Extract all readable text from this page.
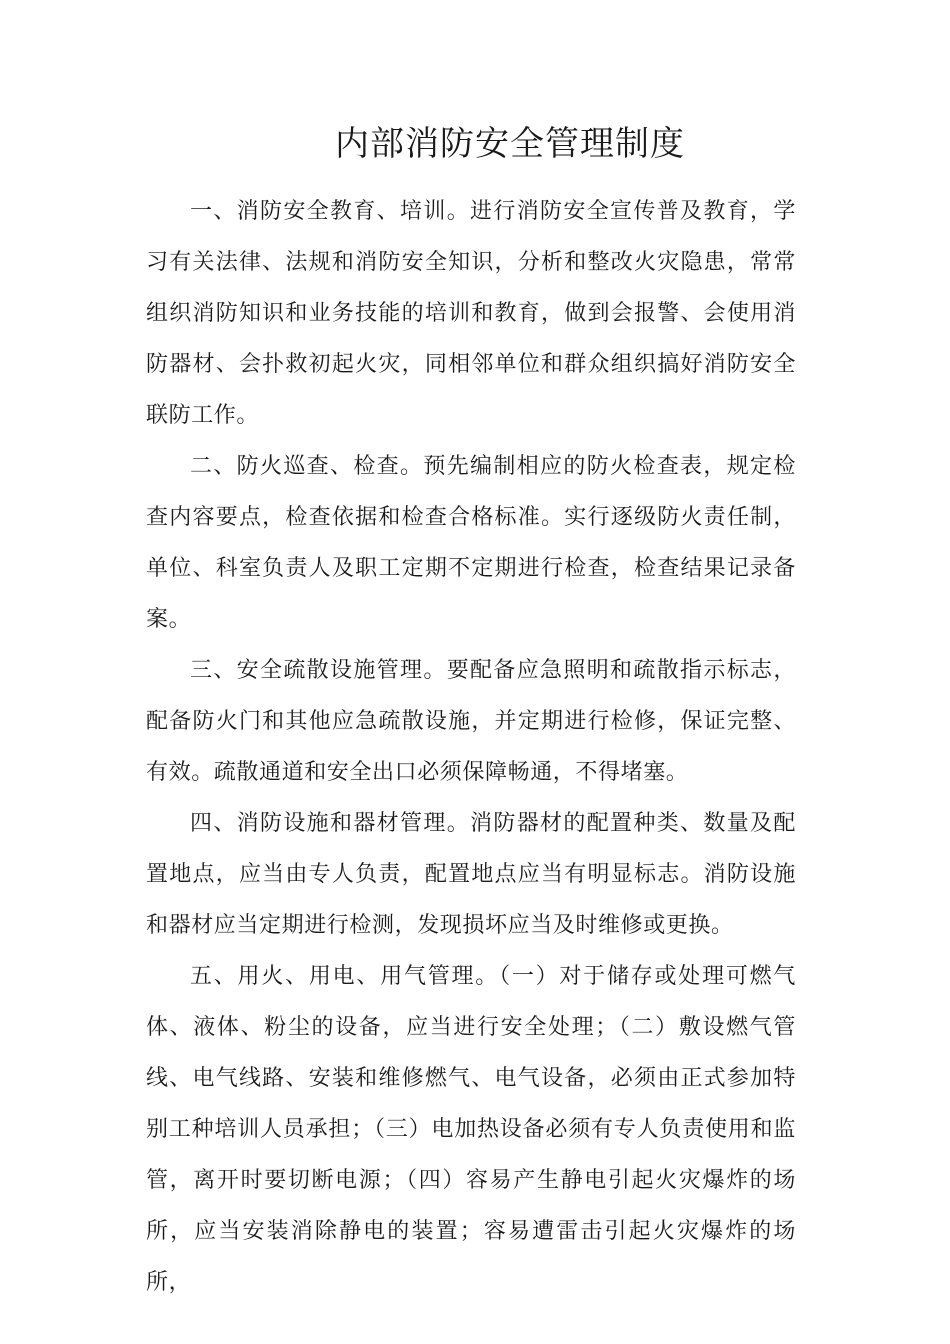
内部消防安全管理制度

一、消防安全教育、培训。进行消防安全宣传普及教育，学习有关法律、法规和消防安全知识，分析和整改火灾隐患，常常组织消防知识和业务技能的培训和教育，做到会报警、会使用消防器材、会扑救初起火灾，同相邻单位和群众组织搞好消防安全联防工作。

二、防火巡查、检查。预先编制相应的防火检查表，规定检查内容要点，检查依据和检查合格标准。实行逐级防火责任制，单位、科室负责人及职工定期不定期进行检查，检查结果记录备案。

三、安全疏散设施管理。要配备应急照明和疏散指示标志，配备防火门和其他应急疏散设施，并定期进行检修，保证完整、有效。疏散通道和安全出口必须保障畅通，不得堵塞。

四、消防设施和器材管理。消防器材的配置种类、数量及配置地点，应当由专人负责，配置地点应当有明显标志。消防设施和器材应当定期进行检测，发现损坏应当及时维修或更换。

五、用火、用电、用气管理。（一）对于储存或处理可燃气体、液体、粉尘的设备，应当进行安全处理；（二）敷设燃气管线、电气线路、安装和维修燃气、电气设备，必须由正式参加特别工种培训人员承担；（三）电加热设备必须有专人负责使用和监管，离开时要切断电源；（四）容易产生静电引起火灾爆炸的场所，应当安装消除静电的装置；容易遭雷击引起火灾爆炸的场所，
